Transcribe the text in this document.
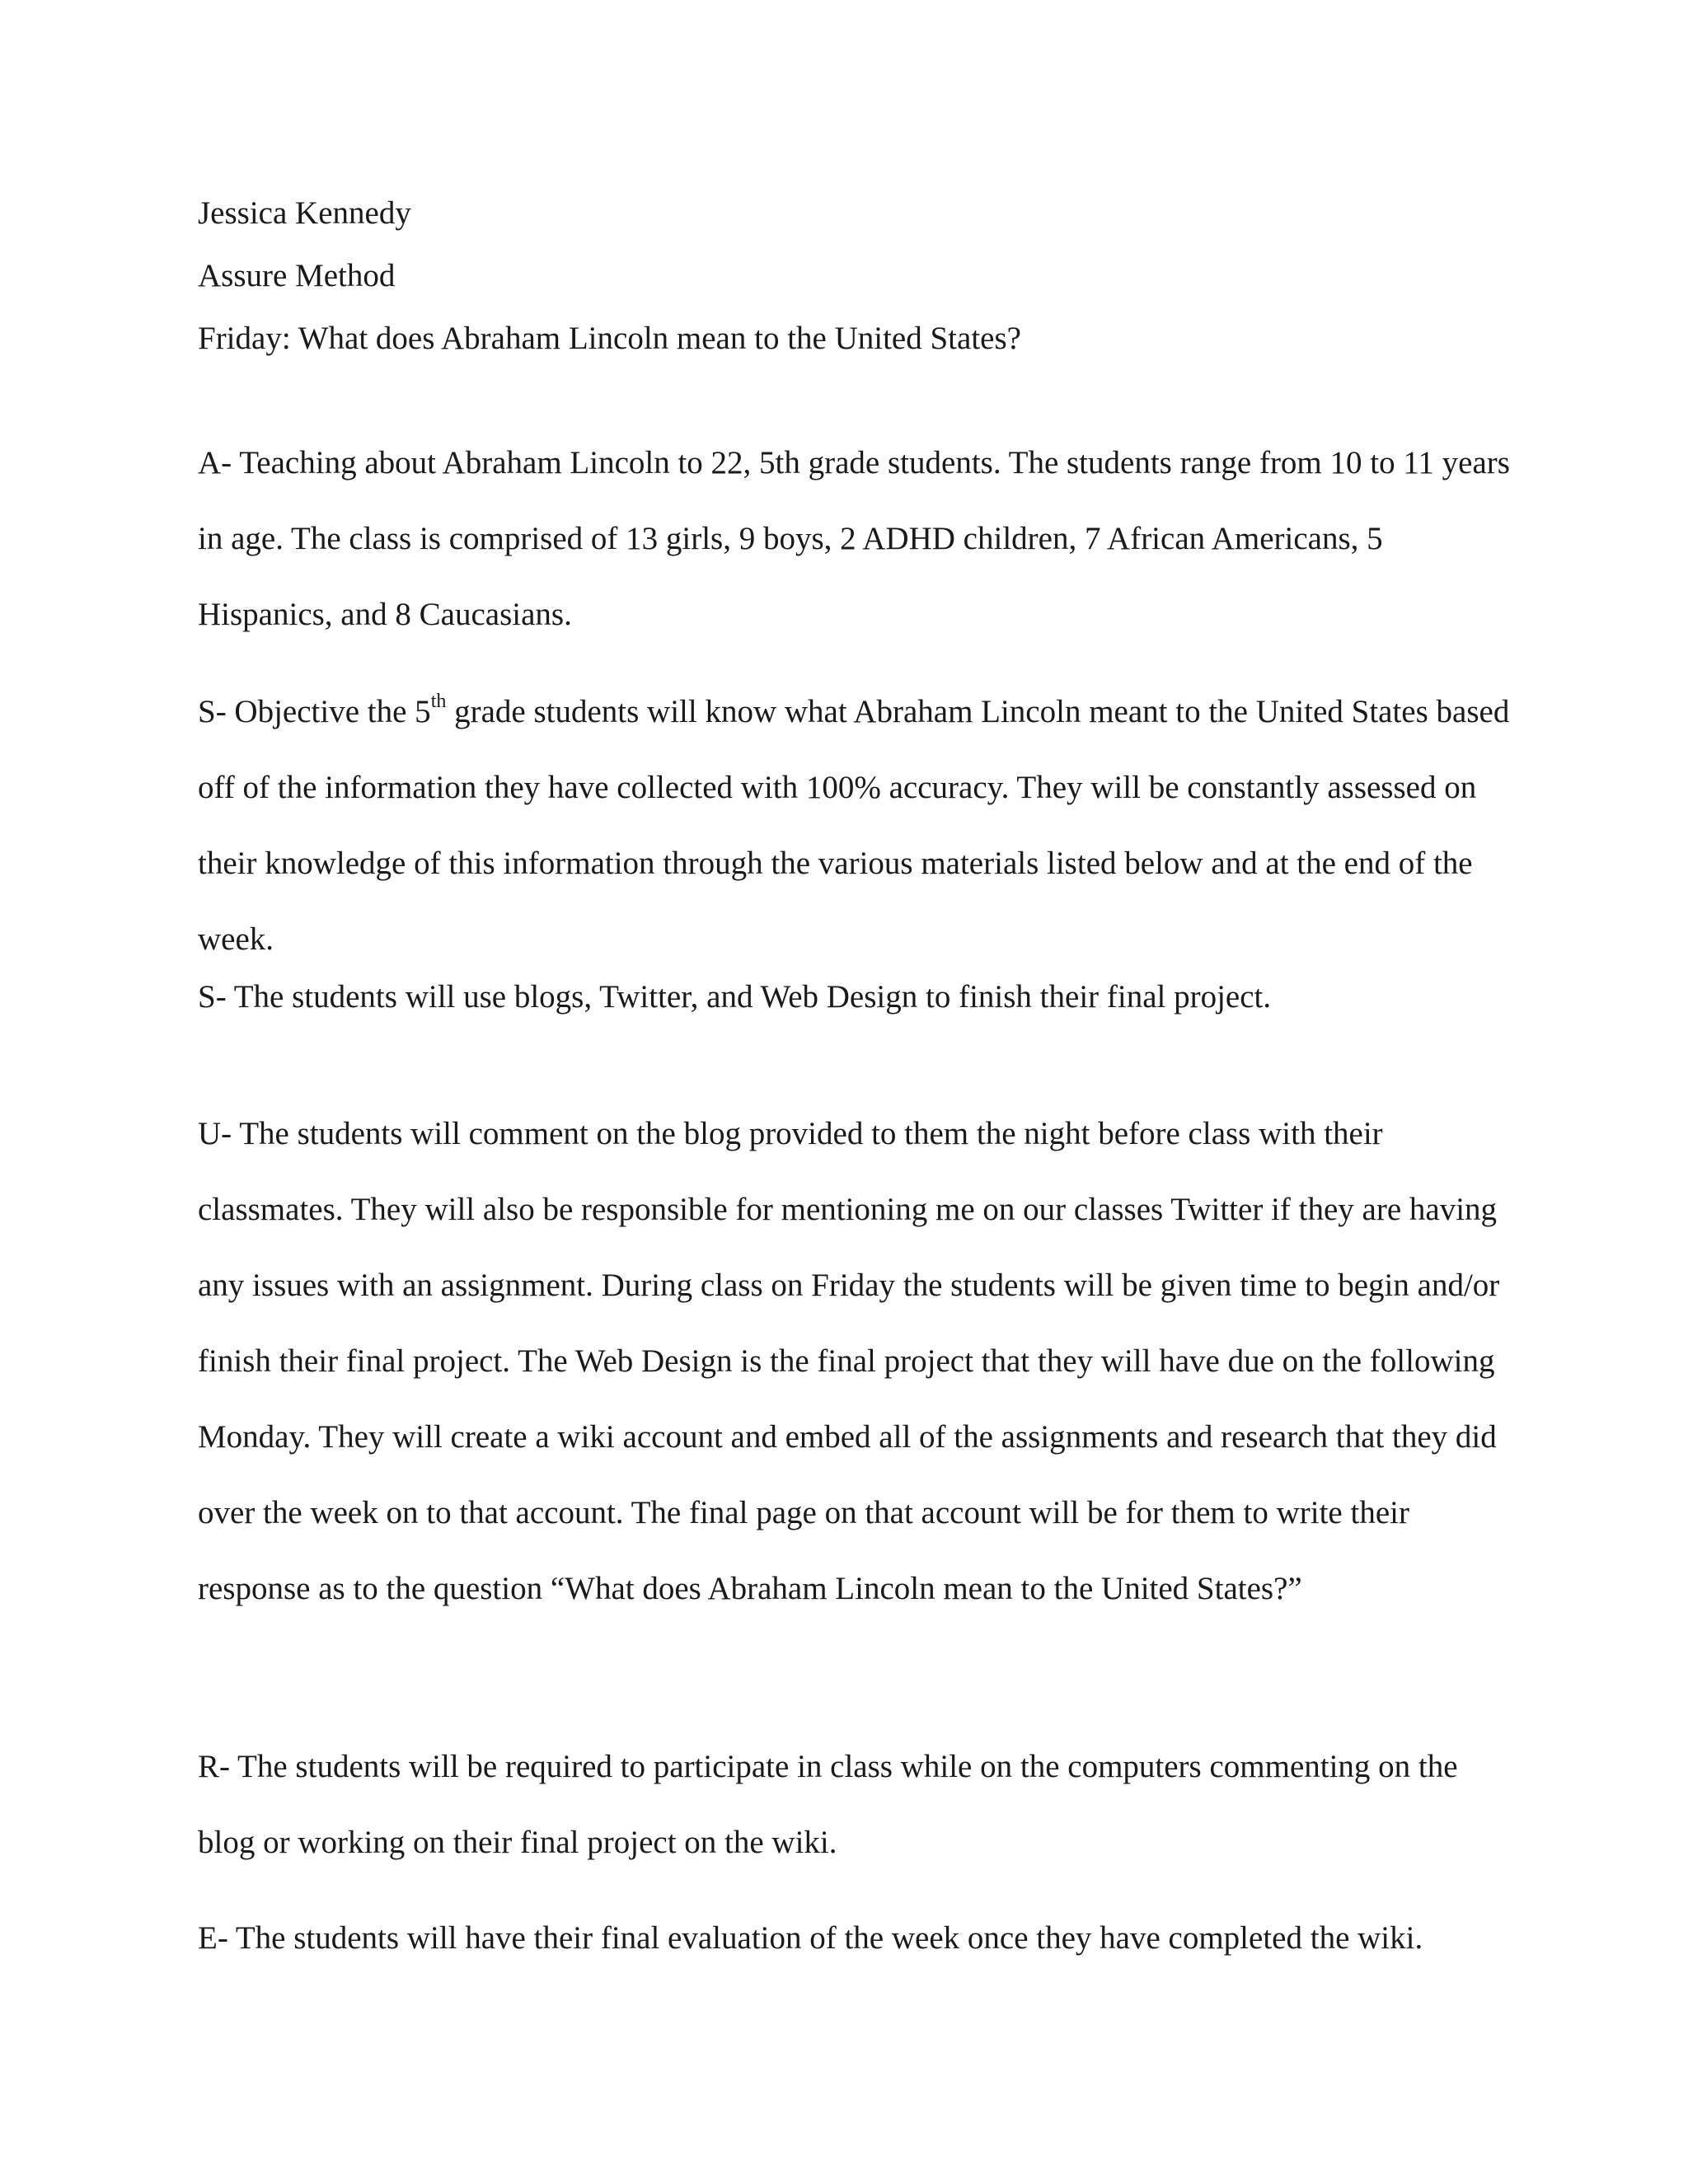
Jessica Kennedy
Assure Method
Friday: What does Abraham Lincoln mean to the United States?

A- Teaching about Abraham Lincoln to 22, 5th grade students. The students range from 10 to 11 years in age. The class is comprised of 13 girls, 9 boys, 2 ADHD children, 7 African Americans, 5 Hispanics, and 8 Caucasians.

S- Objective the 5th grade students will know what Abraham Lincoln meant to the United States based off of the information they have collected with 100% accuracy. They will be constantly assessed on their knowledge of this information through the various materials listed below and at the end of the week.

S- The students will use blogs, Twitter, and Web Design to finish their final project.

U- The students will comment on the blog provided to them the night before class with their classmates. They will also be responsible for mentioning me on our classes Twitter if they are having any issues with an assignment. During class on Friday the students will be given time to begin and/or finish their final project. The Web Design is the final project that they will have due on the following Monday. They will create a wiki account and embed all of the assignments and research that they did over the week on to that account. The final page on that account will be for them to write their response as to the question “What does Abraham Lincoln mean to the United States?”

R- The students will be required to participate in class while on the computers commenting on the blog or working on their final project on the wiki.

E- The students will have their final evaluation of the week once they have completed the wiki.
